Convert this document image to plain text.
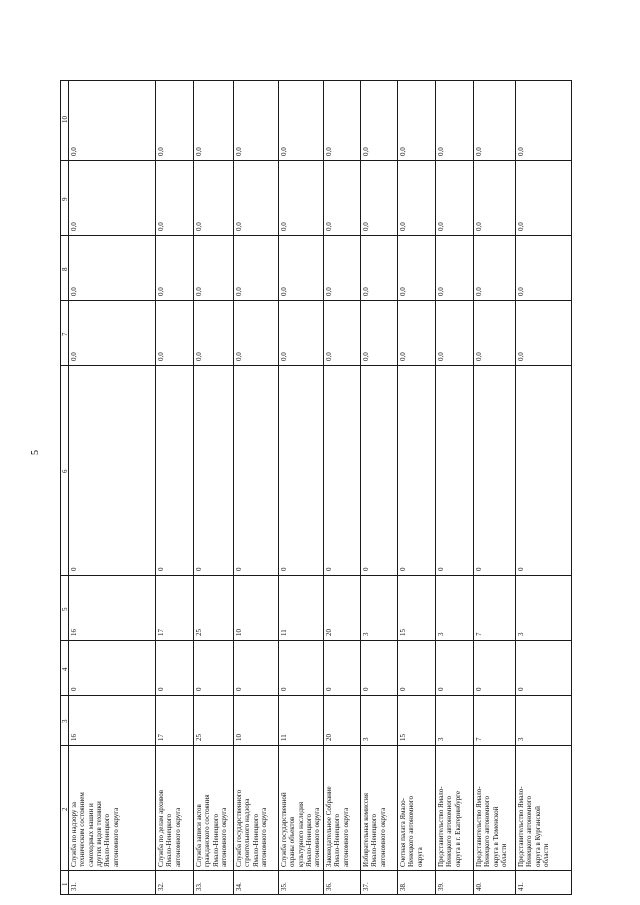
5
1
2
3
4
5
6
7
8
9
10
31.
Служба по надзору за техническим состоянием самоходных машин и других видов техники Ямало-Ненецкого автономного округа
16
0
16
0
0,0
0,0
0,0
0,0
32.
Служба по делам архивов Ямало-Ненецкого автономного округа
17
0
17
0
0,0
0,0
0,0
0,0
33.
Служба записи актов гражданского состояния Ямало-Ненецкого автономного округа
25
0
25
0
0,0
0,0
0,0
0,0
34.
Служба государственного строительного надзора Ямало-Ненецкого автономного округа
10
0
10
0
0,0
0,0
0,0
0,0
35.
Служба государственной охраны объектов культурного наследия Ямало-Ненецкого автономного округа
11
0
11
0
0,0
0,0
0,0
0,0
36.
Законодательное Собрание Ямало-Ненецкого автономного округа
20
0
20
0
0,0
0,0
0,0
0,0
37.
Избирательная комиссия Ямало-Ненецкого автономного округа
3
0
3
0
0,0
0,0
0,0
0,0
38.
Счетная палата Ямало- Ненецкого автономного округа
15
0
15
0
0,0
0,0
0,0
0,0
39.
Представительство Ямало- Ненецкого автономного округа в г. Екатеринбурге
3
0
3
0
0,0
0,0
0,0
0,0
40.
Представительство Ямало- Ненецкого автономного округа в Тюменской области
7
0
7
0
0,0
0,0
0,0
0,0
41.
Представительство Ямало- Ненецкого автономного округа в Курганской области
3
0
3
0
0,0
0,0
0,0
0,0
